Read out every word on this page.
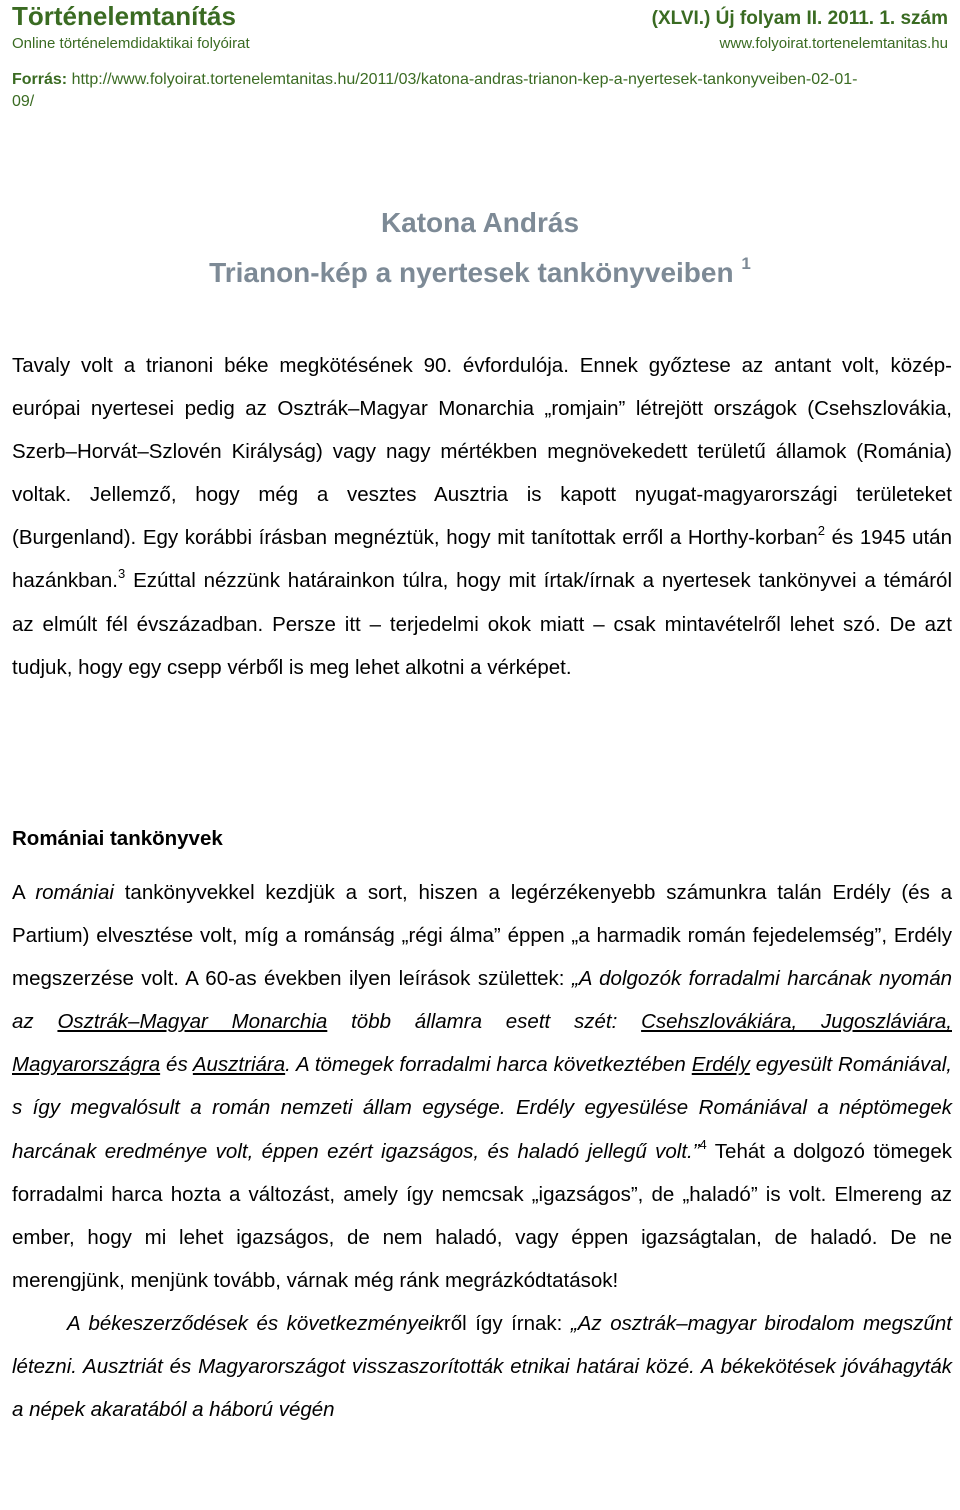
Történelemtanítás
Online történelemdidaktikai folyóirat
(XLVI.) Új folyam II. 2011. 1. szám
www.folyoirat.tortenelemtanitas.hu
Forrás: http://www.folyoirat.tortenelemtanitas.hu/2011/03/katona-andras-trianon-kep-a-nyertesek-tankonyveiben-02-01-09/
Katona András
Trianon-kép a nyertesek tankönyveiben $^1$

Tavaly volt a trianoni béke megkötésének 90. évfordulója. Ennek győztese az antant volt, közép-európai nyertesei pedig az Osztrák–Magyar Monarchia „romjain” létrejött országok (Csehszlovákia, Szerb–Horvát–Szlovén Királyság) vagy nagy mértékben megnövekedett területű államok (Románia) voltak. Jellemző, hogy még a vesztes Ausztria is kapott nyugat-magyarországi területeket (Burgenland). Egy korábbi írásban megnéztük, hogy mit tanítottak erről a Horthy-korban$^2$ és 1945 után hazánkban.$^3$ Ezúttal nézzünk határainkon túlra, hogy mit írtak/írnak a nyertesek tankönyvei a témáról az elmúlt fél évszázadban. Persze itt – terjedelmi okok miatt – csak mintavételről lehet szó. De azt tudjuk, hogy egy csepp vérből is meg lehet alkotni a vérképet.

Romániai tankönyvek

A romániai tankönyvekkel kezdjük a sort, hiszen a legérzékenyebb számunkra talán Erdély (és a Partium) elvesztése volt, míg a románság „régi álma” éppen „a harmadik román fejedelemség”, Erdély megszerzése volt. A 60-as években ilyen leírások születtek: „A dolgozók forradalmi harcának nyomán az Osztrák–Magyar Monarchia több államra esett szét: Csehszlovákiára, Jugoszláviára, Magyarországra és Ausztriára. A tömegek forradalmi harca következtében Erdély egyesült Romániával, s így megvalósult a román nemzeti állam egysége. Erdély egyesülése Romániával a néptömegek harcának eredménye volt, éppen ezért igazságos, és haladó jellegű volt.”$^4$ Tehát a dolgozó tömegek forradalmi harca hozta a változást, amely így nemcsak „igazságos”, de „haladó” is volt. Elmereng az ember, hogy mi lehet igazságos, de nem haladó, vagy éppen igazságtalan, de haladó. De ne merengjünk, menjünk tovább, várnak még ránk megrázkódtatások!

A békeszerződések és következményeikről így írnak: „Az osztrák–magyar birodalom megszűnt létezni. Ausztriát és Magyarországot visszaszorították etnikai határai közé. A békekötések jóváhagyták a népek akaratából a háború végén
